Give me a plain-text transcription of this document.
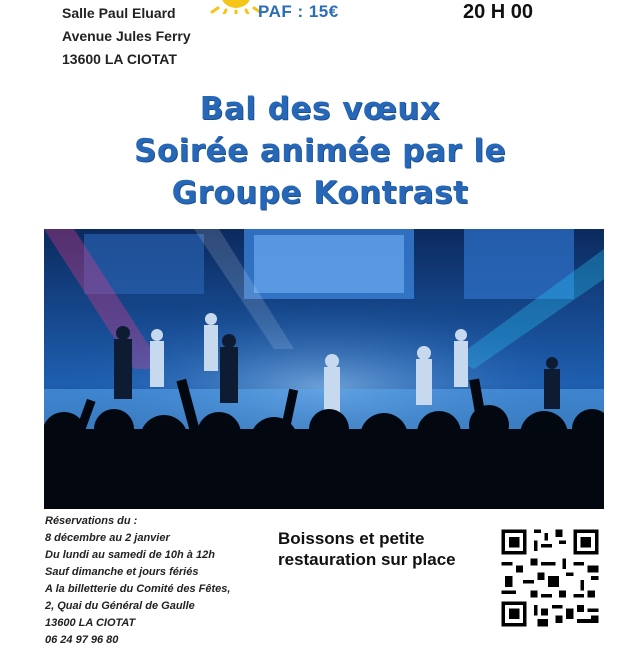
Salle Paul Eluard
Avenue Jules Ferry
13600 LA CIOTAT
PAF : 15€	20 H 00
Bal des vœux
Soirée animée par le
Groupe Kontrast
Réservations du :
8 décembre au 2 janvier
Du lundi au samedi de 10h à 12h
Sauf dimanche et jours fériés
A la billetterie du Comité des Fêtes,
2, Quai du Général de Gaulle
13600 LA CIOTAT
06 24 97 96 80
Boissons et petite restauration sur place
